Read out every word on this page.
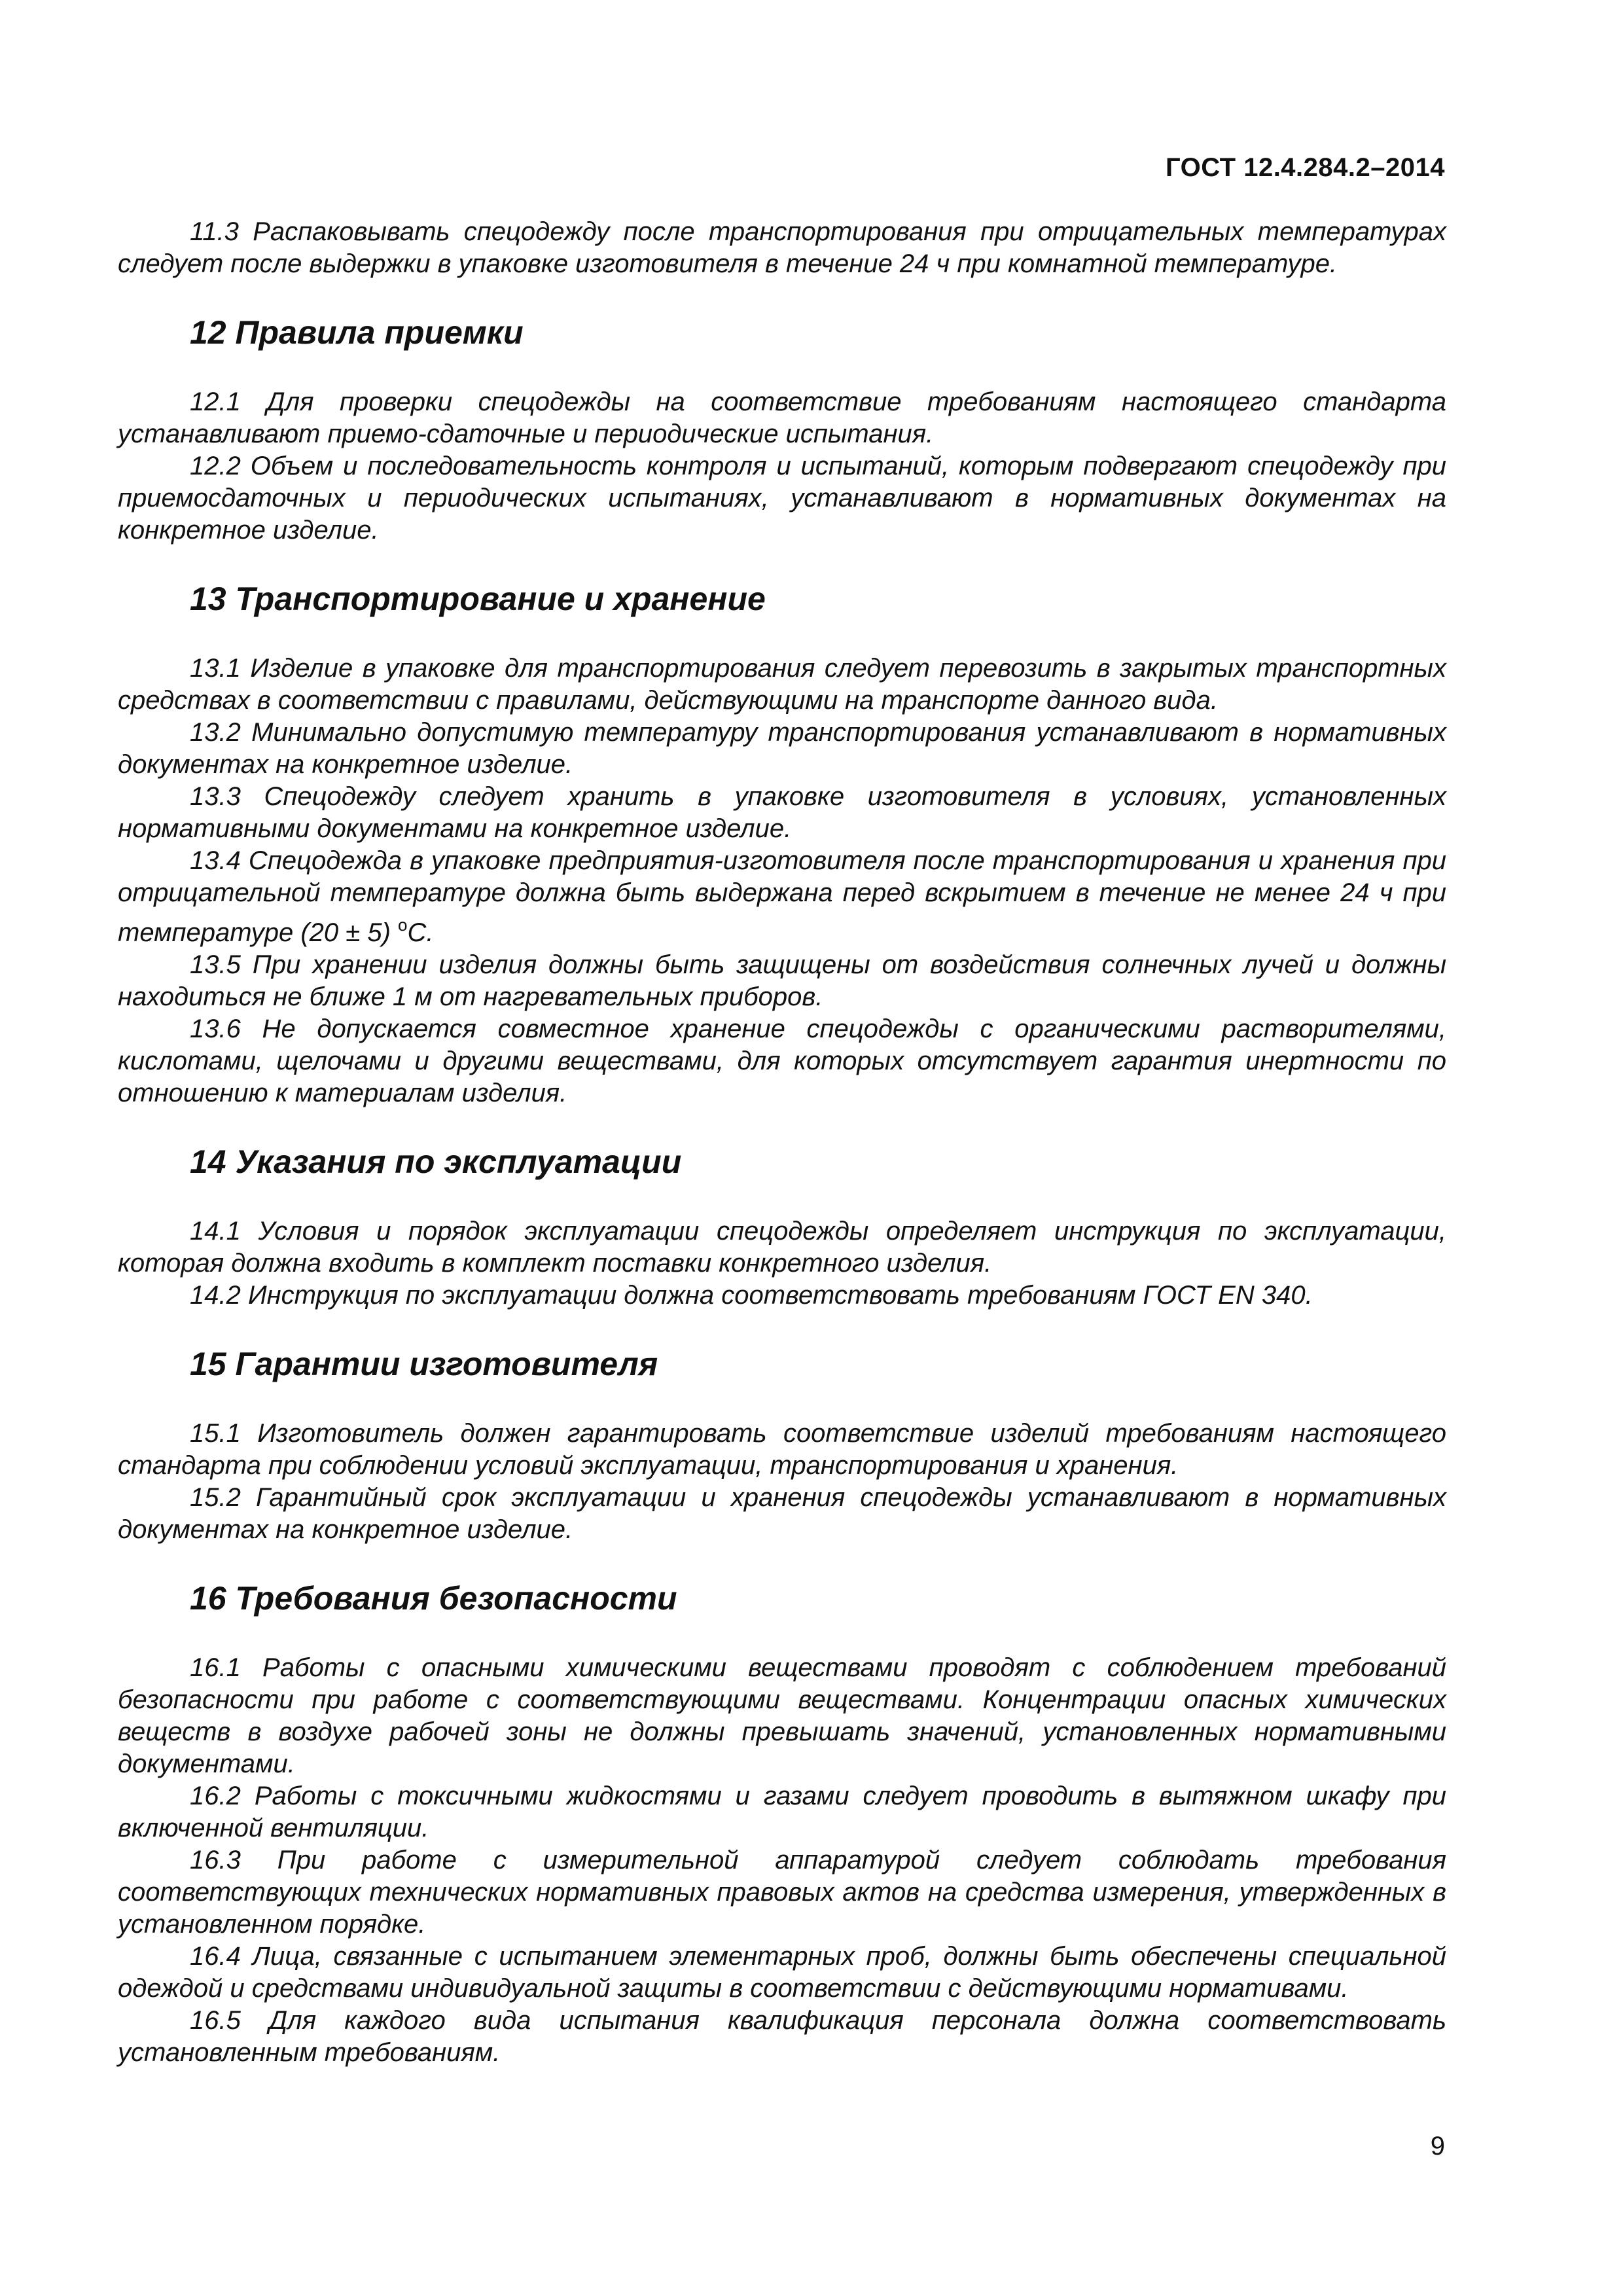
ГОСТ 12.4.284.2–2014

11.3 Распаковывать спецодежду после транспортирования при отрицательных температурах следует после выдержки в упаковке изготовителя в течение 24 ч при комнатной температуре.

12 Правила приемки

12.1 Для проверки спецодежды на соответствие требованиям настоящего стандарта устанавливают приемо-сдаточные и периодические испытания.

12.2 Объем и последовательность контроля и испытаний, которым подвергают спецодежду при приемосдаточных и периодических испытаниях, устанавливают в нормативных документах на конкретное изделие.

13 Транспортирование и хранение

13.1 Изделие в упаковке для транспортирования следует перевозить в закрытых транспортных средствах в соответствии с правилами, действующими на транспорте данного вида.

13.2 Минимально допустимую температуру транспортирования устанавливают в нормативных документах на конкретное изделие.

13.3 Спецодежду следует хранить в упаковке изготовителя в условиях, установленных нормативными документами на конкретное изделие.

13.4 Спецодежда в упаковке предприятия-изготовителя после транспортирования и хранения при отрицательной температуре должна быть выдержана перед вскрытием в течение не менее 24 ч при температуре (20 ± 5) $^o$С.

13.5 При хранении изделия должны быть защищены от воздействия солнечных лучей и должны находиться не ближе 1 м от нагревательных приборов.

13.6 Не допускается совместное хранение спецодежды с органическими растворителями, кислотами, щелочами и другими веществами, для которых отсутствует гарантия инертности по отношению к материалам изделия.

14 Указания по эксплуатации

14.1 Условия и порядок эксплуатации спецодежды определяет инструкция по эксплуатации, которая должна входить в комплект поставки конкретного изделия.

14.2 Инструкция по эксплуатации должна соответствовать требованиям ГОСТ EN 340.

15 Гарантии изготовителя

15.1 Изготовитель должен гарантировать соответствие изделий требованиям настоящего стандарта при соблюдении условий эксплуатации, транспортирования и хранения.

15.2 Гарантийный срок эксплуатации и хранения спецодежды устанавливают в нормативных документах на конкретное изделие.

16 Требования безопасности

16.1 Работы с опасными химическими веществами проводят с соблюдением требований безопасности при работе с соответствующими веществами. Концентрации опасных химических веществ в воздухе рабочей зоны не должны превышать значений, установленных нормативными документами.

16.2 Работы с токсичными жидкостями и газами следует проводить в вытяжном шкафу при включенной вентиляции.

16.3 При работе с измерительной аппаратурой следует соблюдать требования соответствующих технических нормативных правовых актов на средства измерения, утвержденных в установленном порядке.

16.4 Лица, связанные с испытанием элементарных проб, должны быть обеспечены специальной одеждой и средствами индивидуальной защиты в соответствии с действующими нормативами.

16.5 Для каждого вида испытания квалификация персонала должна соответствовать установленным требованиям.

9
